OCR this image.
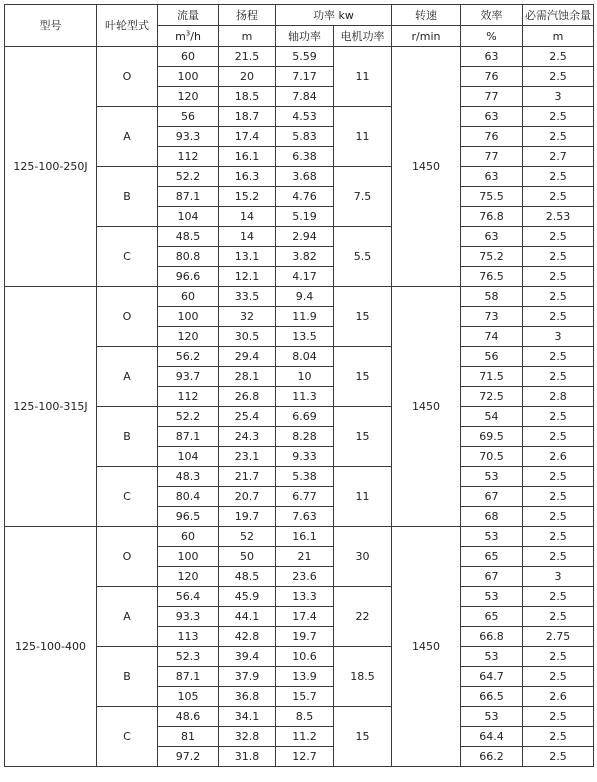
型号	叶轮型式	流量	扬程	功率 kw		转速	效率	必需汽蚀余量
		$m^3/h$	m	轴功率	电机功率	r/min	%	m
125-100-250J	O	60	21.5	5.59	11	1450	63	2.5
		100	20	7.17			76	2.5
		120	18.5	7.84			77	3
	A	56	18.7	4.53	11		63	2.5
		93.3	17.4	5.83			76	2.5
		112	16.1	6.38			77	2.7
	B	52.2	16.3	3.68	7.5		63	2.5
		87.1	15.2	4.76			75.5	2.5
		104	14	5.19			76.8	2.53
	C	48.5	14	2.94	5.5		63	2.5
		80.8	13.1	3.82			75.2	2.5
		96.6	12.1	4.17			76.5	2.5
125-100-315J	O	60	33.5	9.4	15	1450	58	2.5
		100	32	11.9			73	2.5
		120	30.5	13.5			74	3
	A	56.2	29.4	8.04	15		56	2.5
		93.7	28.1	10			71.5	2.5
		112	26.8	11.3			72.5	2.8
	B	52.2	25.4	6.69	15		54	2.5
		87.1	24.3	8.28			69.5	2.5
		104	23.1	9.33			70.5	2.6
	C	48.3	21.7	5.38	11		53	2.5
		80.4	20.7	6.77			67	2.5
		96.5	19.7	7.63			68	2.5
125-100-400	O	60	52	16.1	30	1450	53	2.5
		100	50	21			65	2.5
		120	48.5	23.6			67	3
	A	56.4	45.9	13.3	22		53	2.5
		93.3	44.1	17.4			65	2.5
		113	42.8	19.7			66.8	2.75
	B	52.3	39.4	10.6	18.5		53	2.5
		87.1	37.9	13.9			64.7	2.5
		105	36.8	15.7			66.5	2.6
	C	48.6	34.1	8.5	15		53	2.5
		81	32.8	11.2			64.4	2.5
		97.2	31.8	12.7			66.2	2.5
